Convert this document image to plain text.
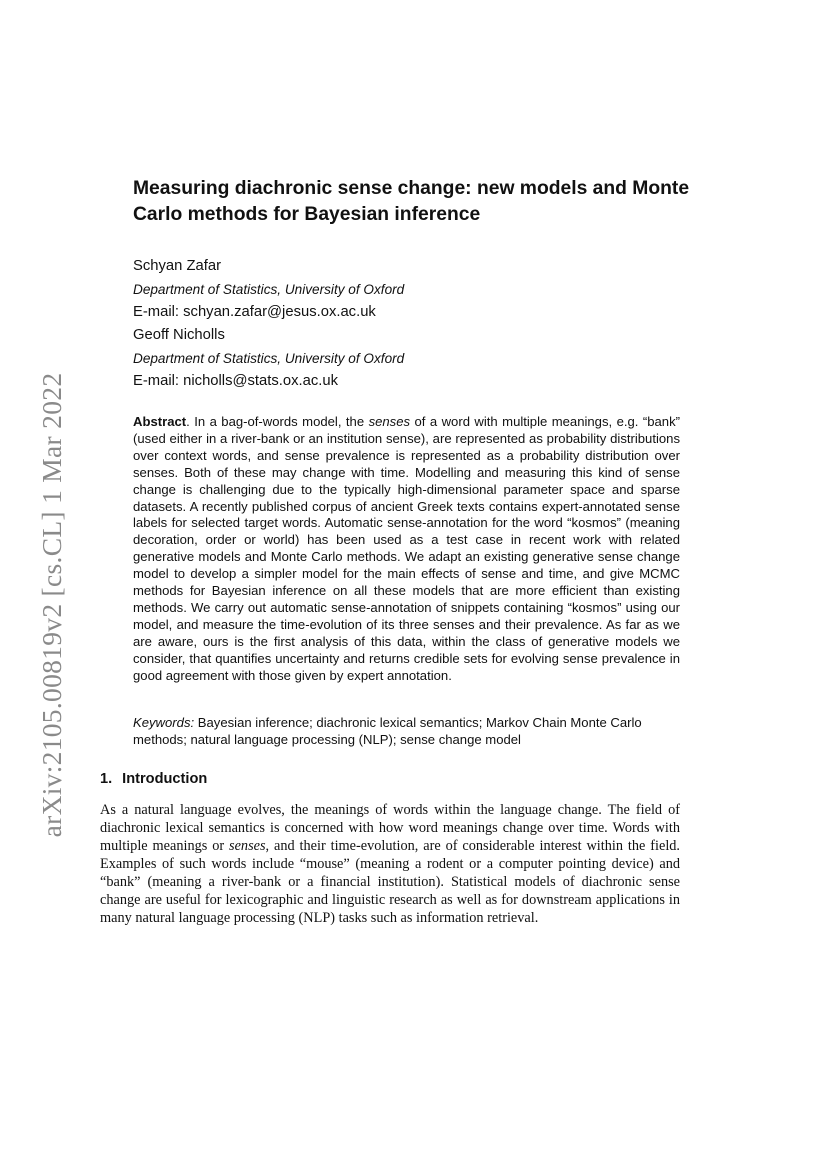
arXiv:2105.00819v2 [cs.CL] 1 Mar 2022
Measuring diachronic sense change: new models and Monte Carlo methods for Bayesian inference
Schyan Zafar
Department of Statistics, University of Oxford
E-mail: schyan.zafar@jesus.ox.ac.uk
Geoff Nicholls
Department of Statistics, University of Oxford
E-mail: nicholls@stats.ox.ac.uk

Abstract. In a bag-of-words model, the senses of a word with multiple meanings, e.g. “bank” (used either in a river-bank or an institution sense), are represented as probability distributions over context words, and sense prevalence is represented as a probability distribution over senses. Both of these may change with time. Modelling and measuring this kind of sense change is challenging due to the typically high-dimensional parameter space and sparse datasets. A recently published corpus of ancient Greek texts contains expert-annotated sense labels for selected target words. Automatic sense-annotation for the word “kosmos” (meaning decoration, order or world) has been used as a test case in recent work with related generative models and Monte Carlo methods. We adapt an existing generative sense change model to develop a simpler model for the main effects of sense and time, and give MCMC methods for Bayesian inference on all these models that are more efficient than existing methods. We carry out automatic sense-annotation of snippets containing “kosmos” using our model, and measure the time-evolution of its three senses and their prevalence. As far as we are aware, ours is the first analysis of this data, within the class of generative models we consider, that quantifies uncertainty and returns credible sets for evolving sense prevalence in good agreement with those given by expert annotation.

Keywords: Bayesian inference; diachronic lexical semantics; Markov Chain Monte Carlo methods; natural language processing (NLP); sense change model

1. Introduction

As a natural language evolves, the meanings of words within the language change. The field of diachronic lexical semantics is concerned with how word meanings change over time. Words with multiple meanings or senses, and their time-evolution, are of considerable interest within the field. Examples of such words include “mouse” (meaning a rodent or a computer pointing device) and “bank” (meaning a river-bank or a financial institution). Statistical models of diachronic sense change are useful for lexicographic and linguistic research as well as for downstream applications in many natural language processing (NLP) tasks such as information retrieval.
